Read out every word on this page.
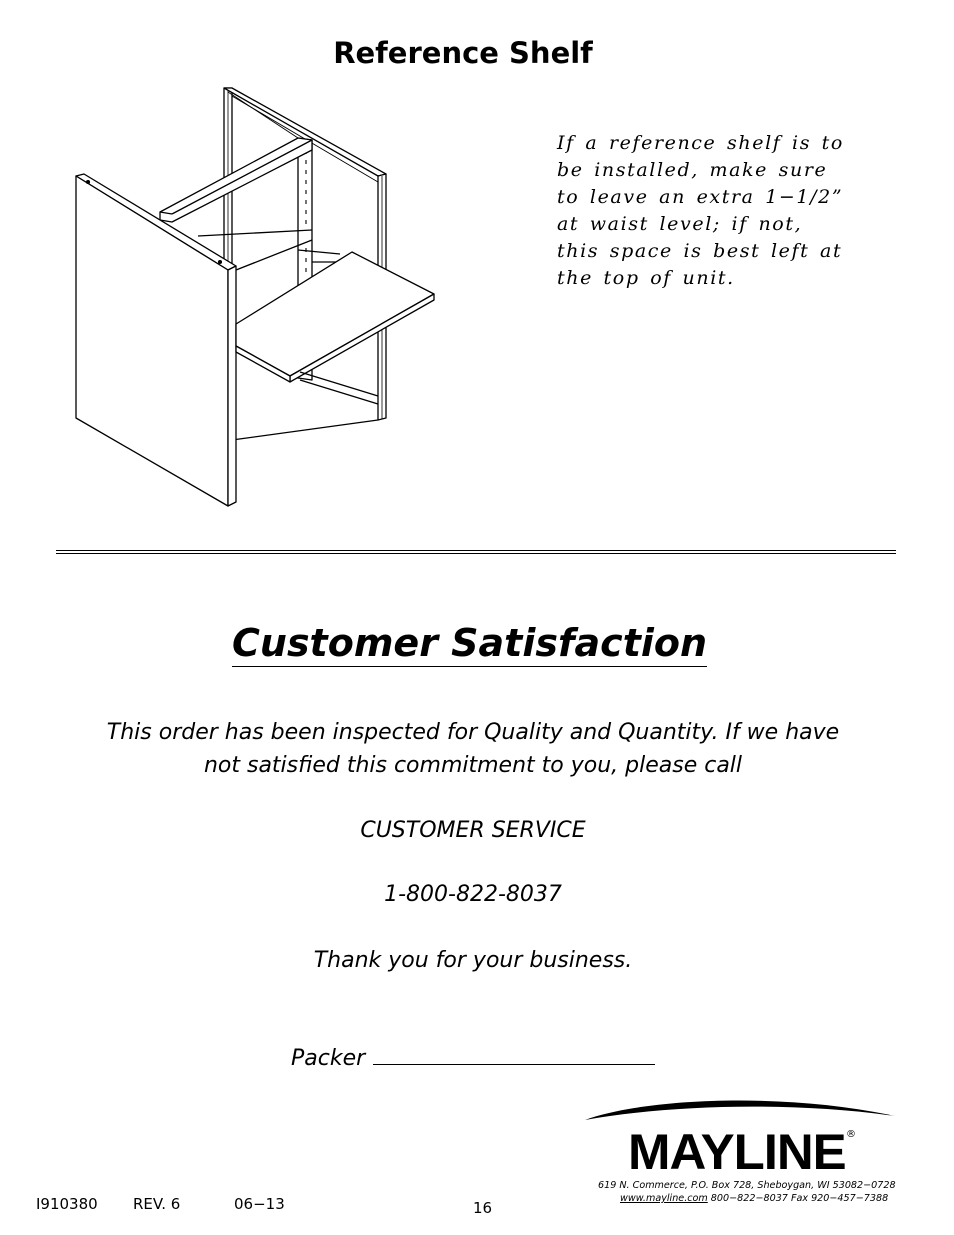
Reference Shelf
If a reference shelf is to
be installed, make sure
to leave an extra 1−1/2”
at waist level; if not,
this space is best left at
the top of unit.
Customer Satisfaction
This order has been inspected for Quality and Quantity. If we have
not satisfied this commitment to you, please call
CUSTOMER SERVICE
1-800-822-8037
Thank you for your business.
Packer
MAYLINE ®
619 N. Commerce, P.O. Box 728, Sheboygan, WI 53082−0728
www.mayline.com 800−822−8037 Fax 920−457−7388
I910380 REV. 6	06−13	16
